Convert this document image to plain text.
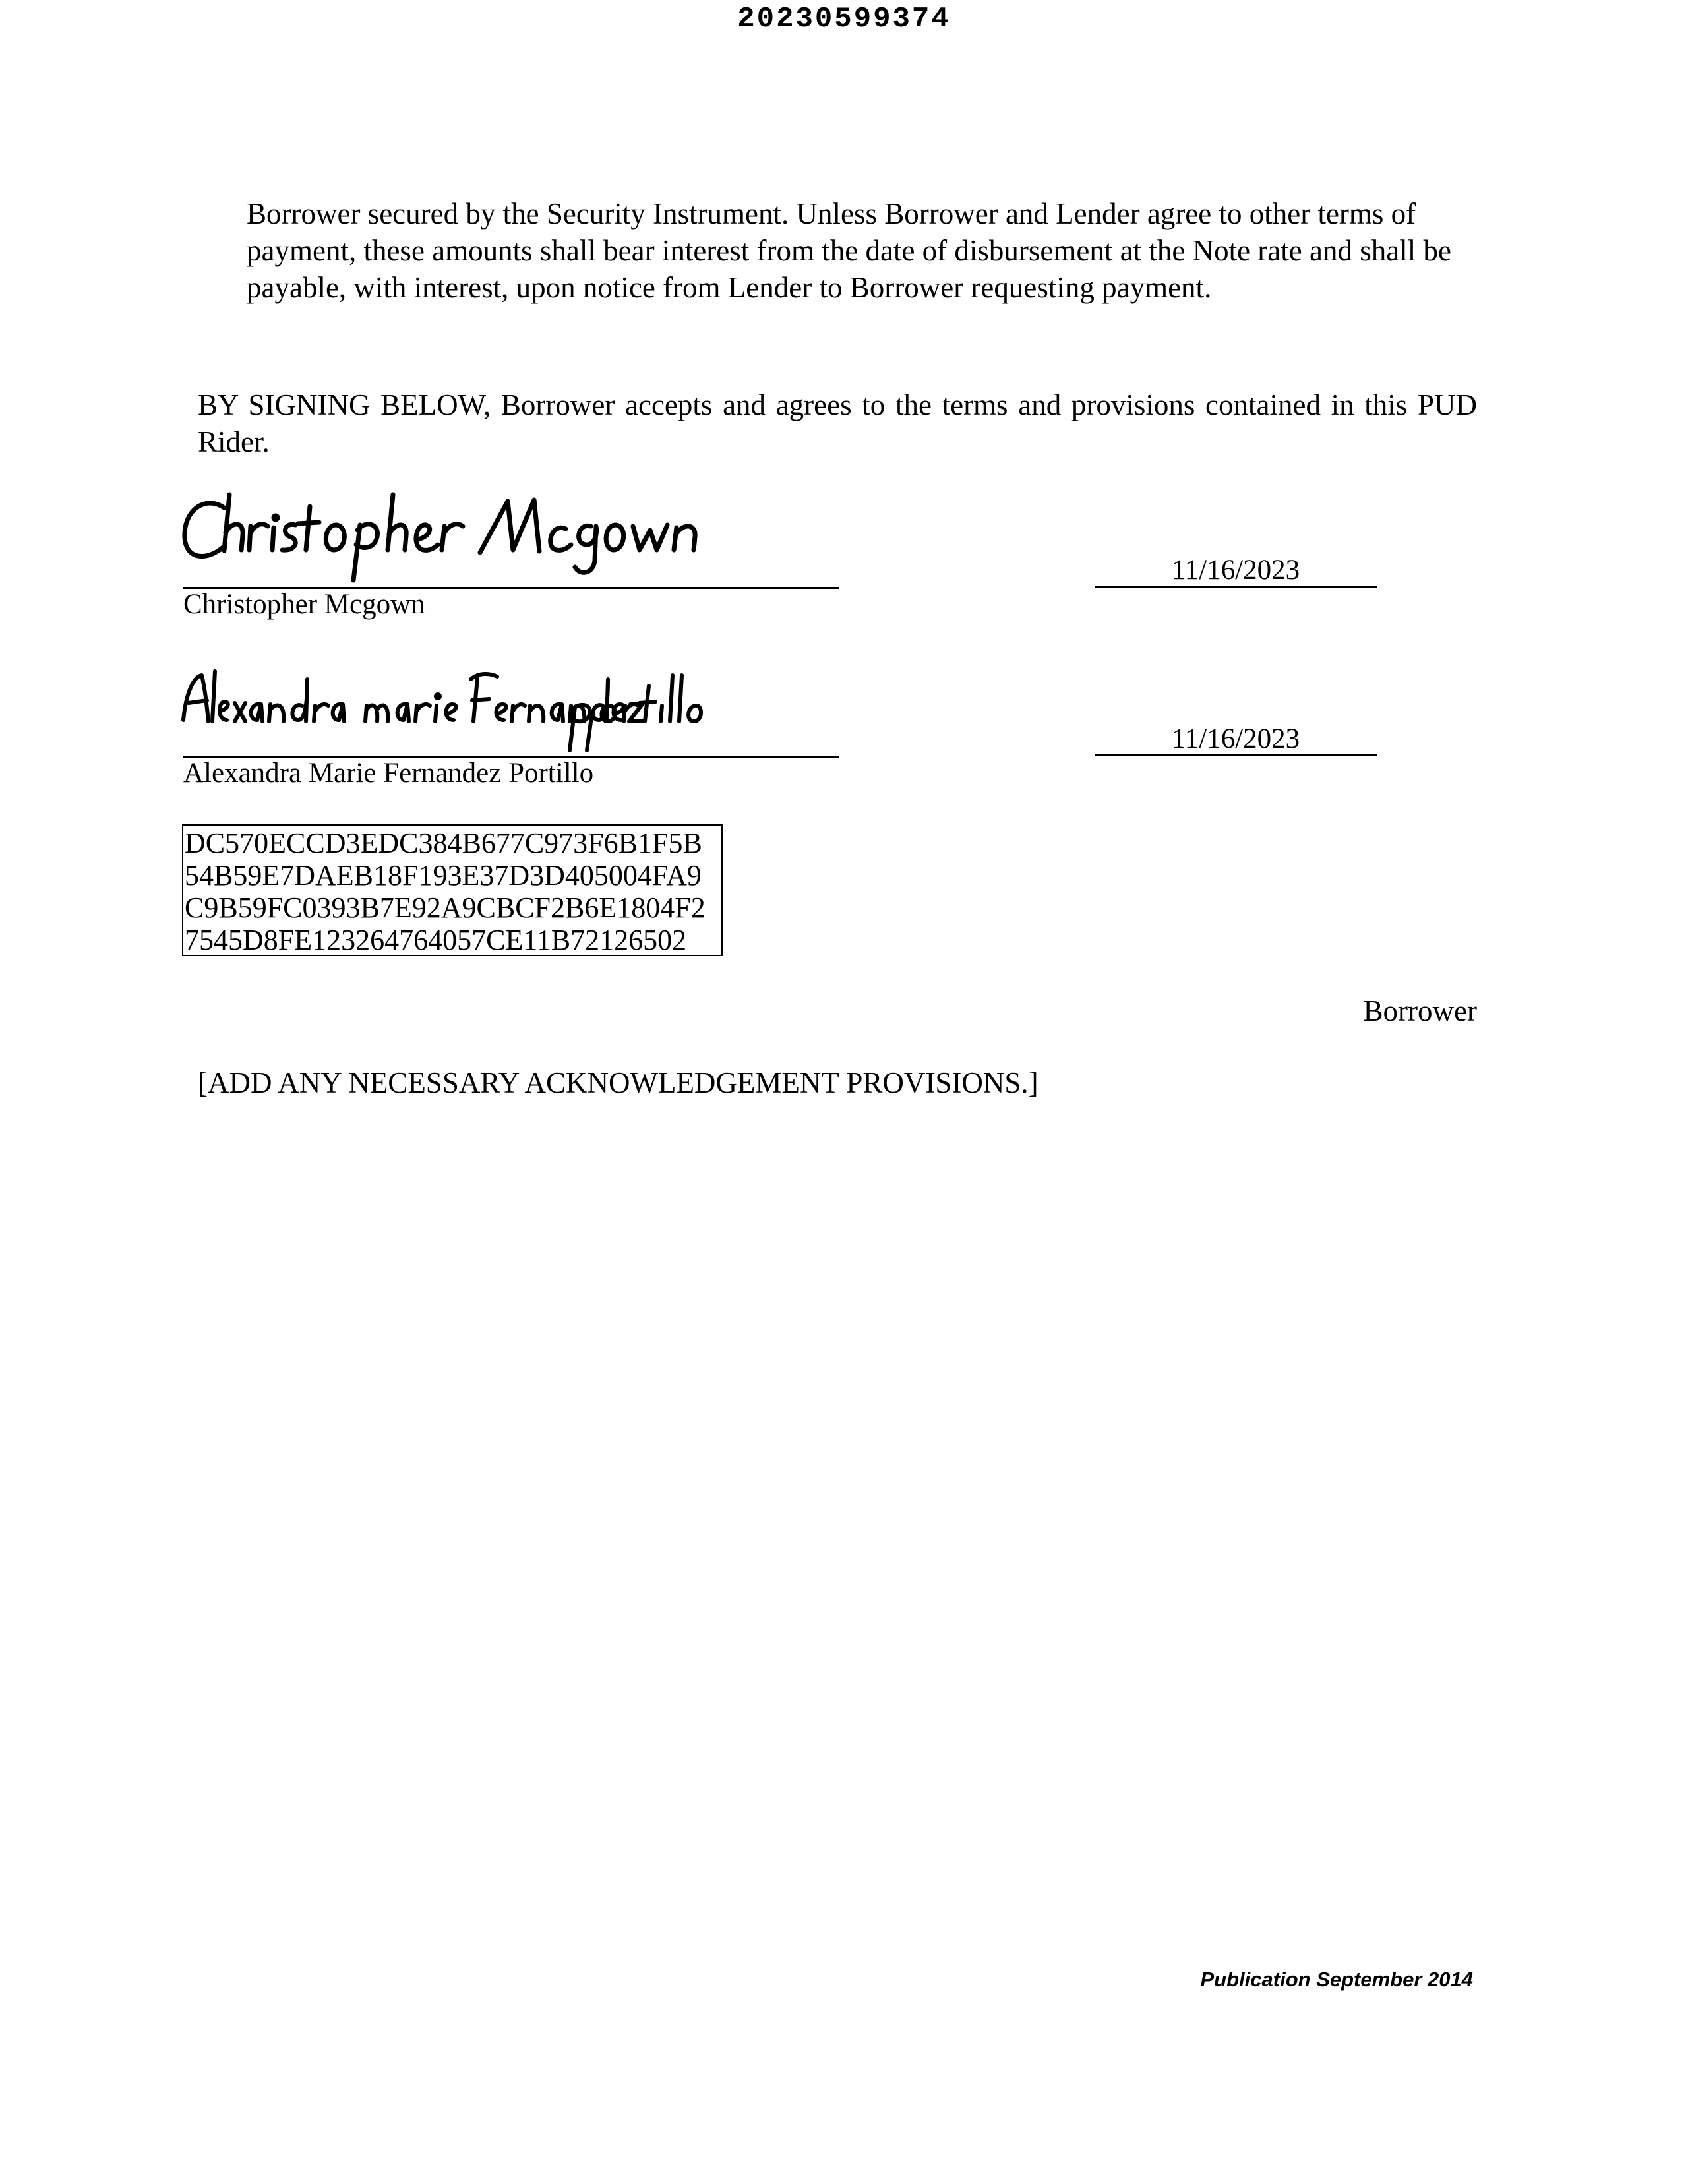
20230599374

Borrower secured by the Security Instrument. Unless Borrower and Lender agree to other terms of payment, these amounts shall bear interest from the date of disbursement at the Note rate and shall be payable, with interest, upon notice from Lender to Borrower requesting payment.

BY SIGNING BELOW, Borrower accepts and agrees to the terms and provisions contained in this PUD Rider.

Christopher Mcgown
11/16/2023
Alexandra Marie Fernandez Portillo
11/16/2023
DC570ECCD3EDC384B677C973F6B1F5B
54B59E7DAEB18F193E37D3D405004FA9
C9B59FC0393B7E92A9CBCF2B6E1804F2
7545D8FE123264764057CE11B72126502
Borrower
[ADD ANY NECESSARY ACKNOWLEDGEMENT PROVISIONS.]
Publication September 2014
